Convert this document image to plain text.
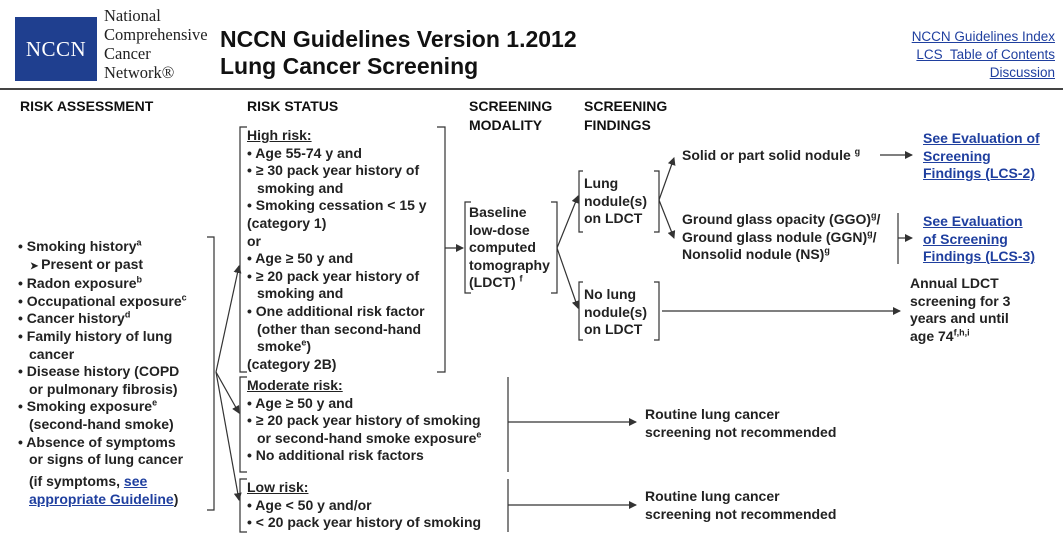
NCCN
National
Comprehensive
Cancer
Network®
NCCN Guidelines Version 1.2012
Lung Cancer Screening
NCCN Guidelines Index
LCS  Table of Contents
Discussion
RISK ASSESSMENT	RISK STATUS	SCREENING
MODALITY
SCREENING
FINDINGS
• Smoking history$^a$
➤ Present or past
• Radon exposure$^b$
• Occupational exposure$^c$
• Cancer history$^d$
• Family history of lung
cancer
• Disease history (COPD
or pulmonary fibrosis)
• Smoking exposure$^e$
(second-hand smoke)
• Absence of symptoms
or signs of lung cancer
(if symptoms, see
appropriate Guideline)
High risk:
• Age 55-74 y and
• ≥ 30 pack year history of
smoking and
• Smoking cessation < 15 y
(category 1)
or
• Age ≥ 50 y and
• ≥ 20 pack year history of
smoking and
• One additional risk factor
(other than second-hand
smoke$^e$)
(category 2B)
Moderate risk:
• Age ≥ 50 y and
• ≥ 20 pack year history of smoking
or second-hand smoke exposure$^e$
• No additional risk factors
Low risk:
• Age < 50 y and/or
• < 20 pack year history of smoking
Baseline
low-dose
computed
tomography
(LDCT) $^f$
Lung
nodule(s)
on LDCT
No lung
nodule(s)
on LDCT
Solid or part solid nodule $^g$
Ground glass opacity (GGO)$^g$/
Ground glass nodule (GGN)$^g$/
Nonsolid nodule (NS)$^g$
See Evaluation of
Screening
Findings (LCS-2)
See Evaluation
of Screening
Findings (LCS-3)
Annual LDCT
screening for 3
years and until
age 74$^{f,h,i}$
Routine lung cancer
screening not recommended
Routine lung cancer
screening not recommended
